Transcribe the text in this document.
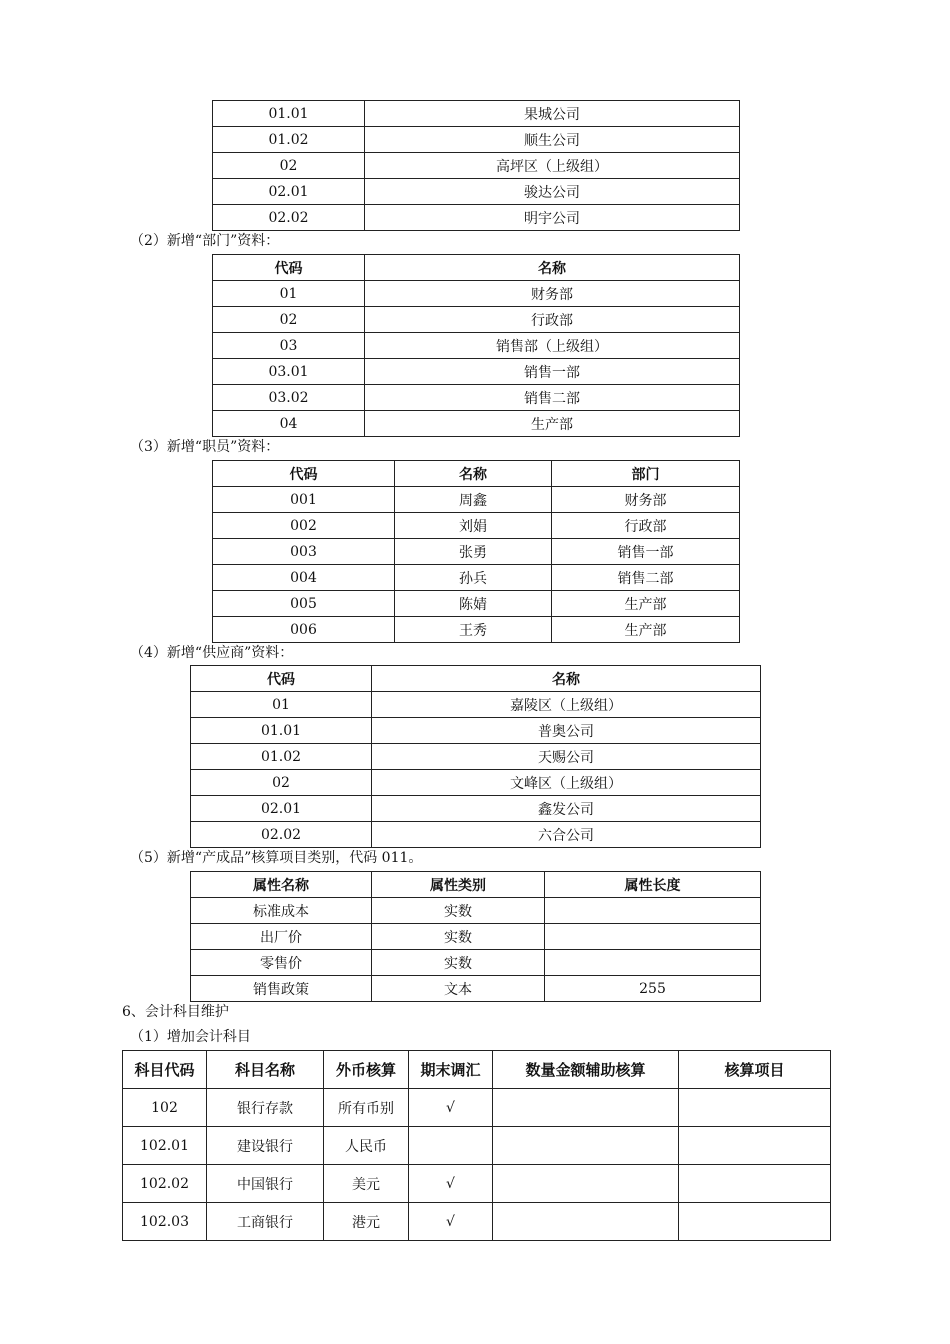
01.01	果城公司
01.02	顺生公司
02	高坪区（上级组）
02.01	骏达公司
02.02	明宇公司
（2）新增“部门”资料：
代码	名称
01	财务部
02	行政部
03	销售部（上级组）
03.01	销售一部
03.02	销售二部
04	生产部
（3）新增“职员”资料：
代码	名称	部门
001	周鑫	财务部
002	刘娟	行政部
003	张勇	销售一部
004	孙兵	销售二部
005	陈婧	生产部
006	王秀	生产部
（4）新增“供应商”资料：
代码	名称
01	嘉陵区（上级组）
01.01	普奥公司
01.02	天赐公司
02	文峰区（上级组）
02.01	鑫发公司
02.02	六合公司
（5）新增“产成品”核算项目类别，代码 011。
属性名称	属性类别	属性长度
标准成本	实数	
出厂价	实数	
零售价	实数	
销售政策	文本	255
6、会计科目维护
（1）增加会计科目
科目代码	科目名称	外币核算	期末调汇	数量金额辅助核算	核算项目
102	银行存款	所有币别	√		
102.01	建设银行	人民币			
102.02	中国银行	美元	√		
102.03	工商银行	港元	√		
